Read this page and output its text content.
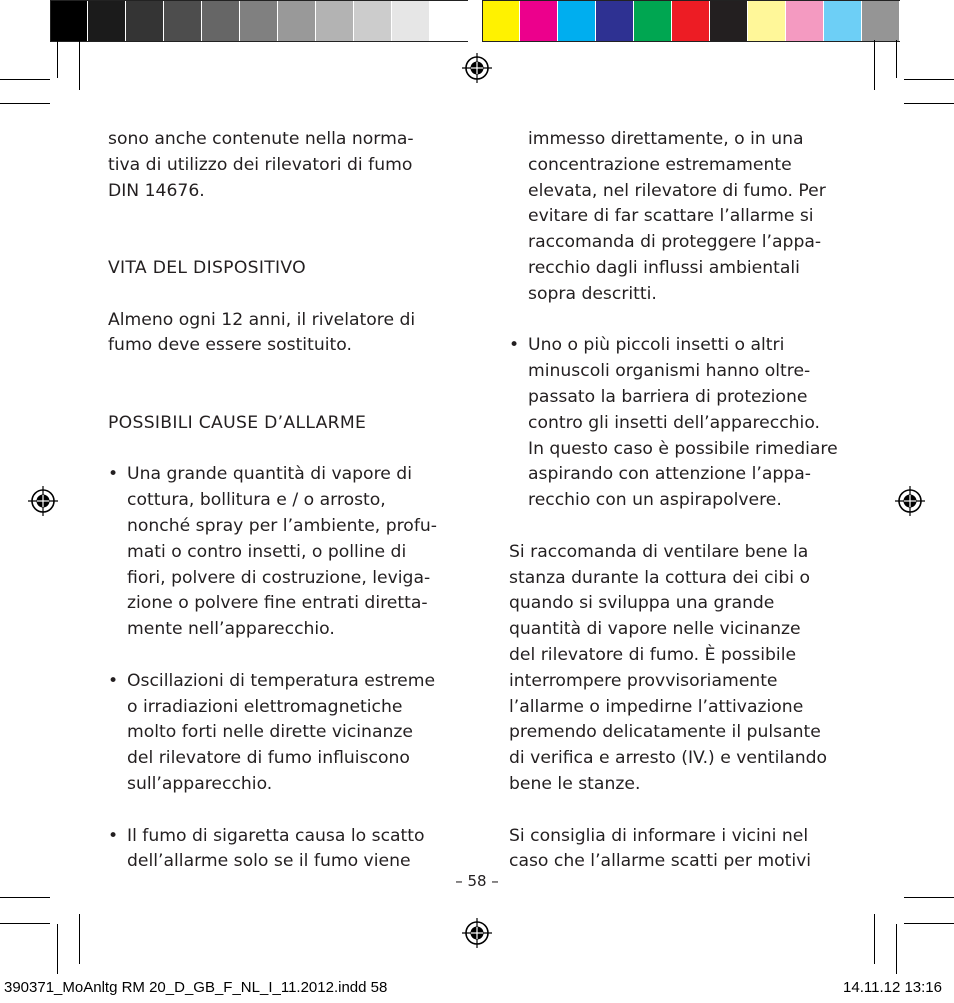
sono anche contenute nella norma-
tiva di utilizzo dei rilevatori di fumo
DIN 14676.

VITA DEL DISPOSITIVO

Almeno ogni 12 anni, il rivelatore di
fumo deve essere sostituito.

POSSIBILI CAUSE D’ALLARME

• Una grande quantità di vapore di
cottura, bollitura e / o arrosto,
nonché spray per l’ambiente, profu-
mati o contro insetti, o polline di
fiori, polvere di costruzione, leviga-
zione o polvere fine entrati diretta-
mente nell’apparecchio.
• Oscillazioni di temperatura estreme
o irradiazioni elettromagnetiche
molto forti nelle dirette vicinanze
del rilevatore di fumo influiscono
sull’apparecchio.
• Il fumo di sigaretta causa lo scatto
dell’allarme solo se il fumo viene
immesso direttamente, o in una
concentrazione estremamente
elevata, nel rilevatore di fumo. Per
evitare di far scattare l’allarme si
raccomanda di proteggere l’appa-
recchio dagli influssi ambientali
sopra descritti.
• Uno o più piccoli insetti o altri
minuscoli organismi hanno oltre-
passato la barriera di protezione
contro gli insetti dell’apparecchio.
In questo caso è possibile rimediare
aspirando con attenzione l’appa-
recchio con un aspirapolvere.

Si raccomanda di ventilare bene la
stanza durante la cottura dei cibi o
quando si sviluppa una grande
quantità di vapore nelle vicinanze
del rilevatore di fumo. È possibile
interrompere provvisoriamente
l’allarme o impedirne l’attivazione
premendo delicatamente il pulsante
di verifica e arresto (IV.) e ventilando
bene le stanze.

Si consiglia di informare i vicini nel
caso che l’allarme scatti per motivi

– 58 –
390371_MoAnltg RM 20_D_GB_F_NL_I_11.2012.indd 58	14.11.12 13:16
